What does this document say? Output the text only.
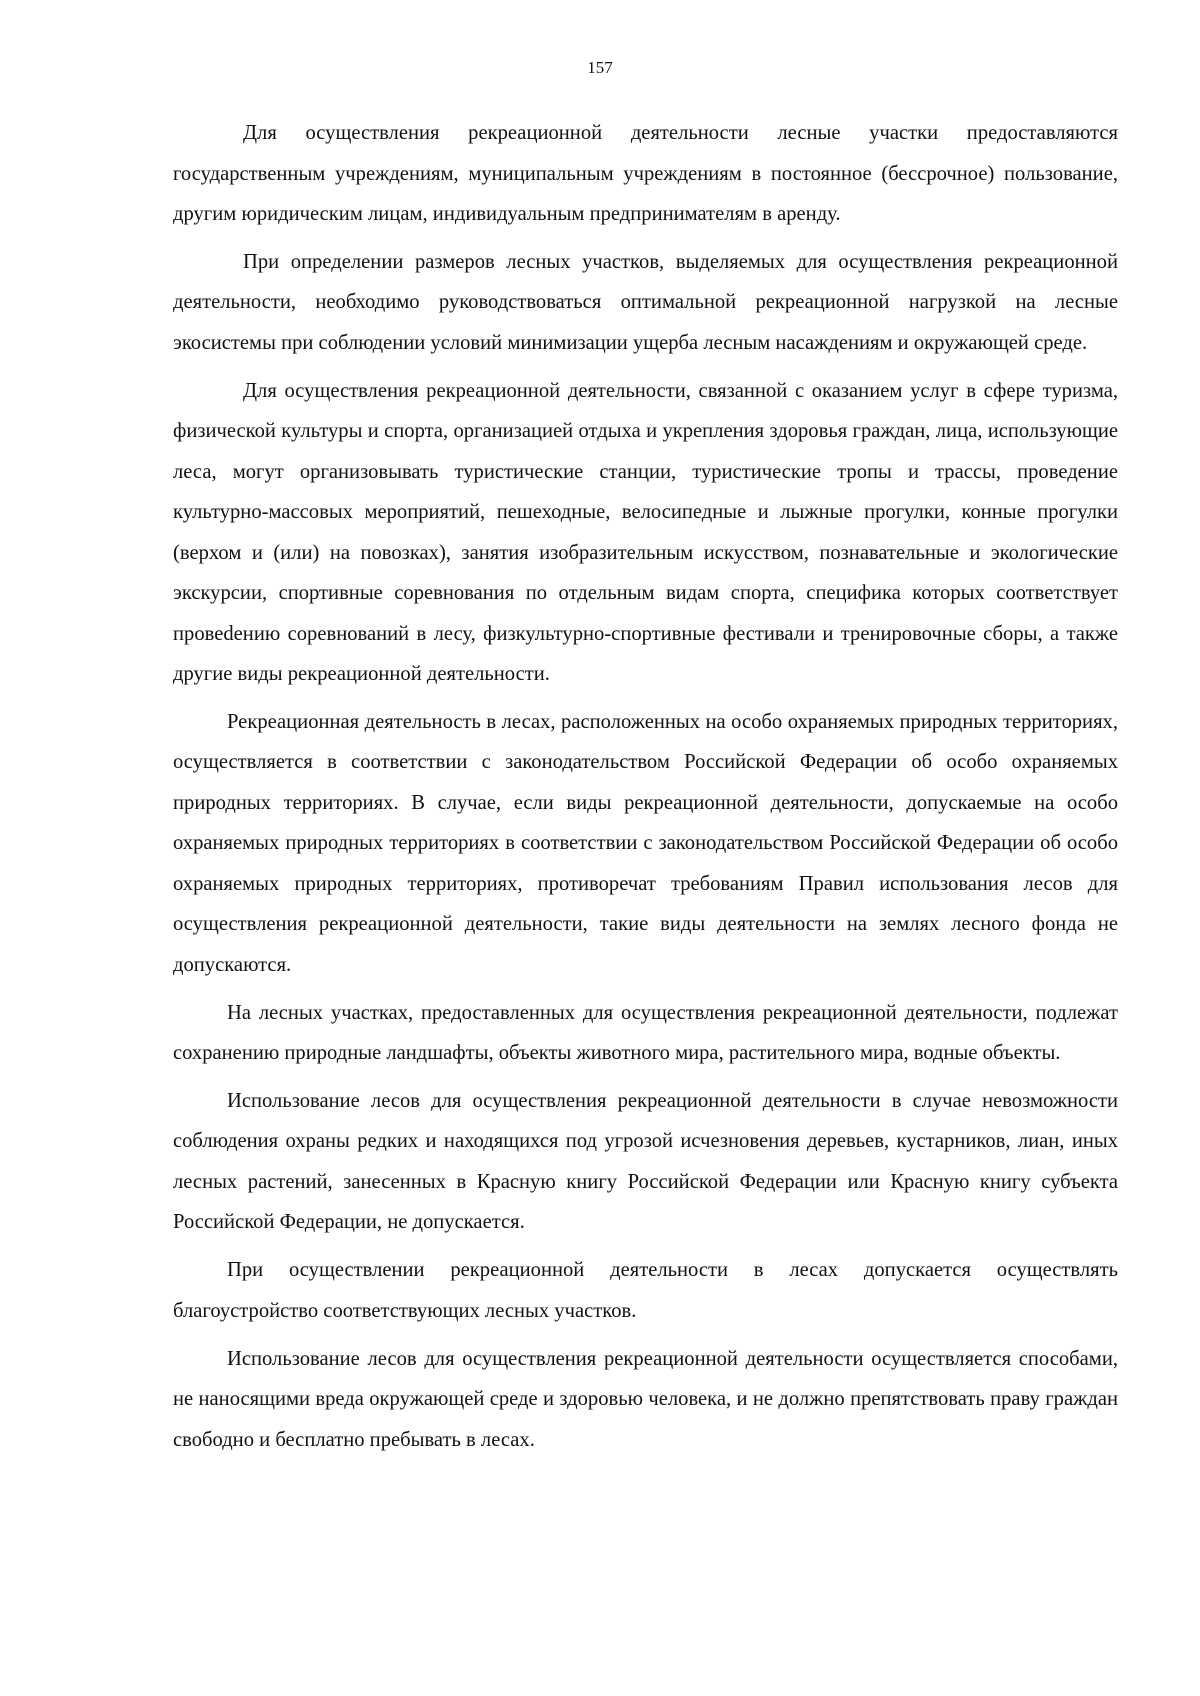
157

Для осуществления рекреационной деятельности лесные участки предоставляются государственным учреждениям, муниципальным учреждениям в постоянное (бессрочное) пользование, другим юридическим лицам, индивидуальным предпринимателям в аренду.

При определении размеров лесных участков, выделяемых для осуществления рекреационной деятельности, необходимо руководствоваться оптимальной рекреационной нагрузкой на лесные экосистемы при соблюдении условий минимизации ущерба лесным насаждениям и окружающей среде.

Для осуществления рекреационной деятельности, связанной с оказанием услуг в сфере туризма, физической культуры и спорта, организацией отдыха и укрепления здоровья граждан, лица, использующие леса, могут организовывать туристические станции, туристические тропы и трассы, проведение культурно-массовых мероприятий, пешеходные, велосипедные и лыжные прогулки, конные прогулки (верхом и (или) на повозках), занятия изобразительным искусством, познавательные и экологические экскурсии, спортивные соревнования по отдельным видам спорта, специфика которых соответствует провеdению соревнований в лесу, физкультурно-спортивные фестивали и тренировочные сборы, а также другие виды рекреационной деятельности.

Рекреационная деятельность в лесах, расположенных на особо охраняемых природных территориях, осуществляется в соответствии с законодательством Российской Федерации об особо охраняемых природных территориях. В случае, если виды рекреационной деятельности, допускаемые на особо охраняемых природных территориях в соответствии с законодательством Российской Федерации об особо охраняемых природных территориях, противоречат требованиям Правил использования лесов для осуществления рекреационной деятельности, такие виды деятельности на землях лесного фонда не допускаются.

На лесных участках, предоставленных для осуществления рекреационной деятельности, подлежат сохранению природные ландшафты, объекты животного мира, растительного мира, водные объекты.

Использование лесов для осуществления рекреационной деятельности в случае невозможности соблюдения охраны редких и находящихся под угрозой исчезновения деревьев, кустарников, лиан, иных лесных растений, занесенных в Красную книгу Российской Федерации или Красную книгу субъекта Российской Федерации, не допускается.

При осуществлении рекреационной деятельности в лесах допускается осуществлять благоустройство соответствующих лесных участков.

Использование лесов для осуществления рекреационной деятельности осуществляется способами, не наносящими вреда окружающей среде и здоровью человека, и не должно препятствовать праву граждан свободно и бесплатно пребывать в лесах.
